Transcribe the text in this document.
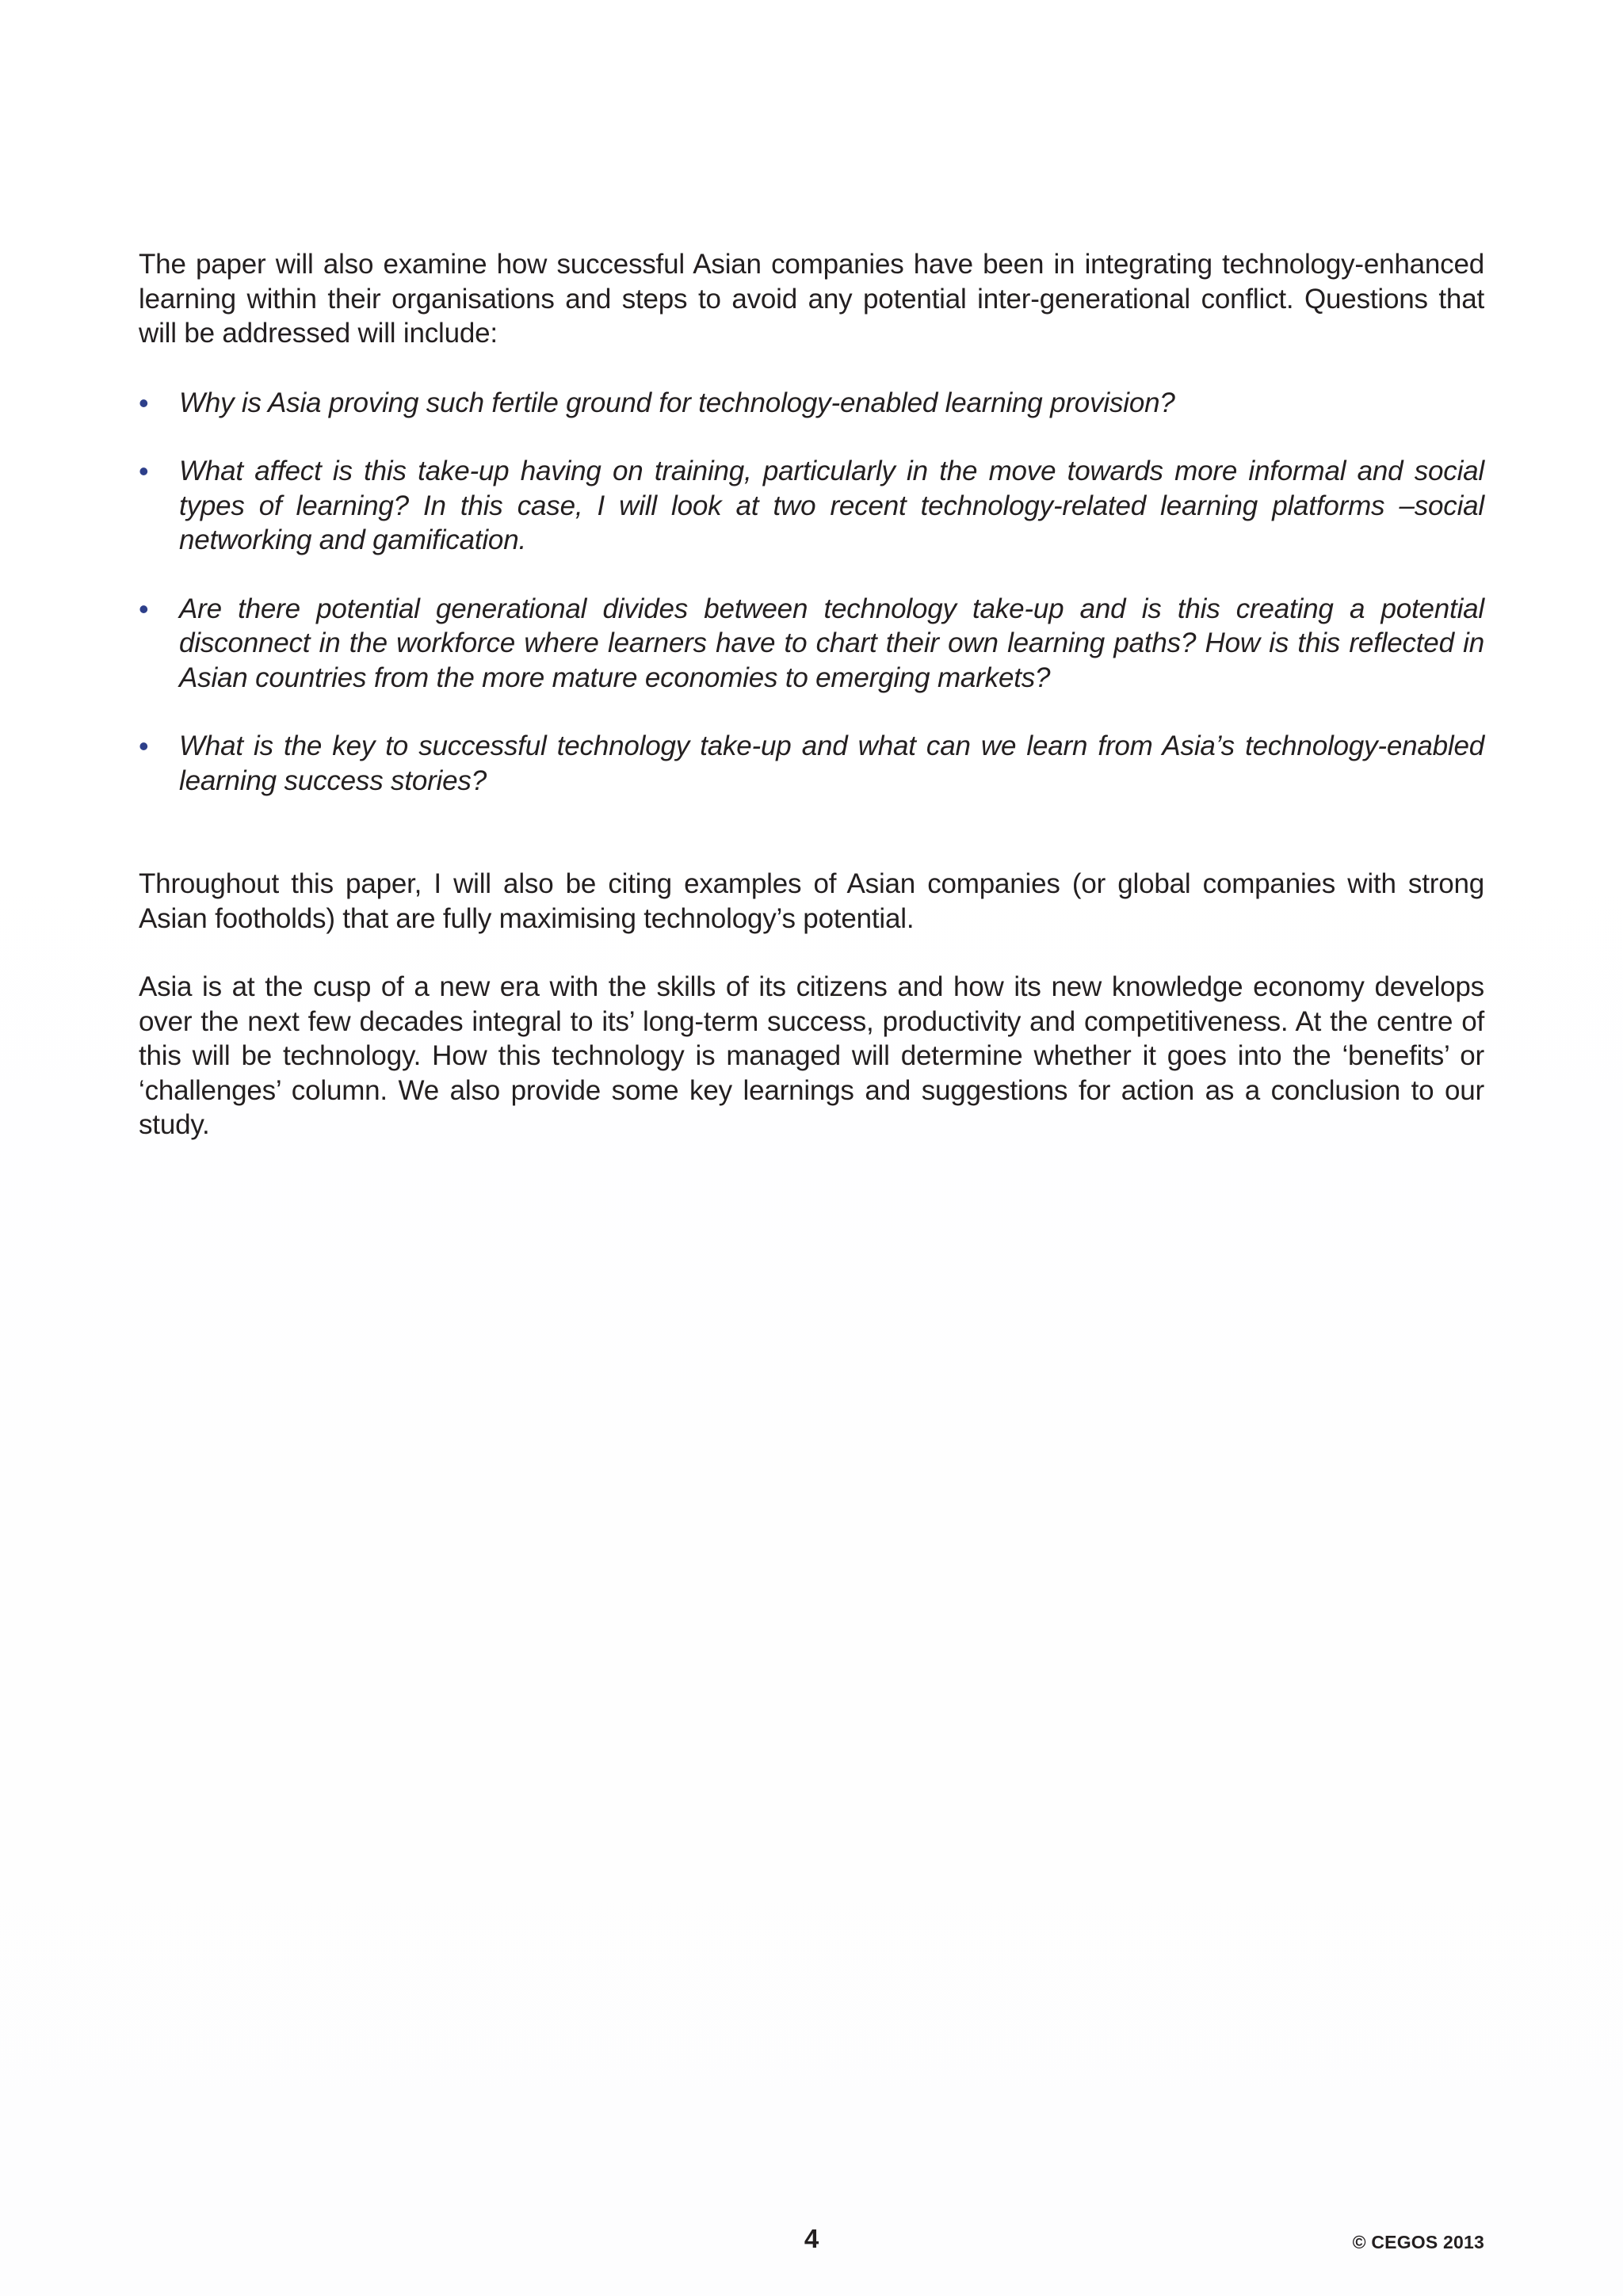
The paper will also examine how successful Asian companies have been in integrating technology-enhanced learning within their organisations and steps to avoid any potential inter-generational conflict. Questions that will be addressed will include:

• Why is Asia proving such fertile ground for technology-enabled learning provision?
• What affect is this take-up having on training, particularly in the move towards more informal and social types of learning? In this case, I will look at two recent technology-related learning platforms –social networking and gamification.
• Are there potential generational divides between technology take-up and is this creating a potential disconnect in the workforce where learners have to chart their own learning paths? How is this reflected in Asian countries from the more mature economies to emerging markets?
• What is the key to successful technology take-up and what can we learn from Asia’s technology-enabled learning success stories?

Throughout this paper, I will also be citing examples of Asian companies (or global companies with strong Asian footholds) that are fully maximising technology’s potential.

Asia is at the cusp of a new era with the skills of its citizens and how its new knowledge economy develops over the next few decades integral to its’ long-term success, productivity and competitiveness. At the centre of this will be technology. How this technology is managed will determine whether it goes into the ‘benefits’ or ‘challenges’ column. We also provide some key learnings and suggestions for action as a conclusion to our study.

4	© CEGOS 2013
